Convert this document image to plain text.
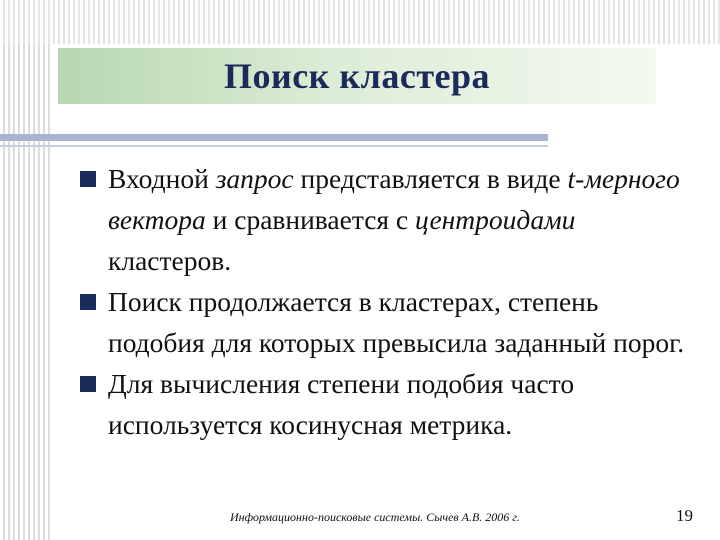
Поиск кластера
Входной запрос представляется в виде t-мерного вектора и сравнивается с центроидами кластеров.
Поиск продолжается в кластерах, степень подобия для которых превысила заданный порог.
Для вычисления степени подобия часто используется косинусная метрика.
Информационно-поисковые системы. Сычев А.В. 2006 г.	19
